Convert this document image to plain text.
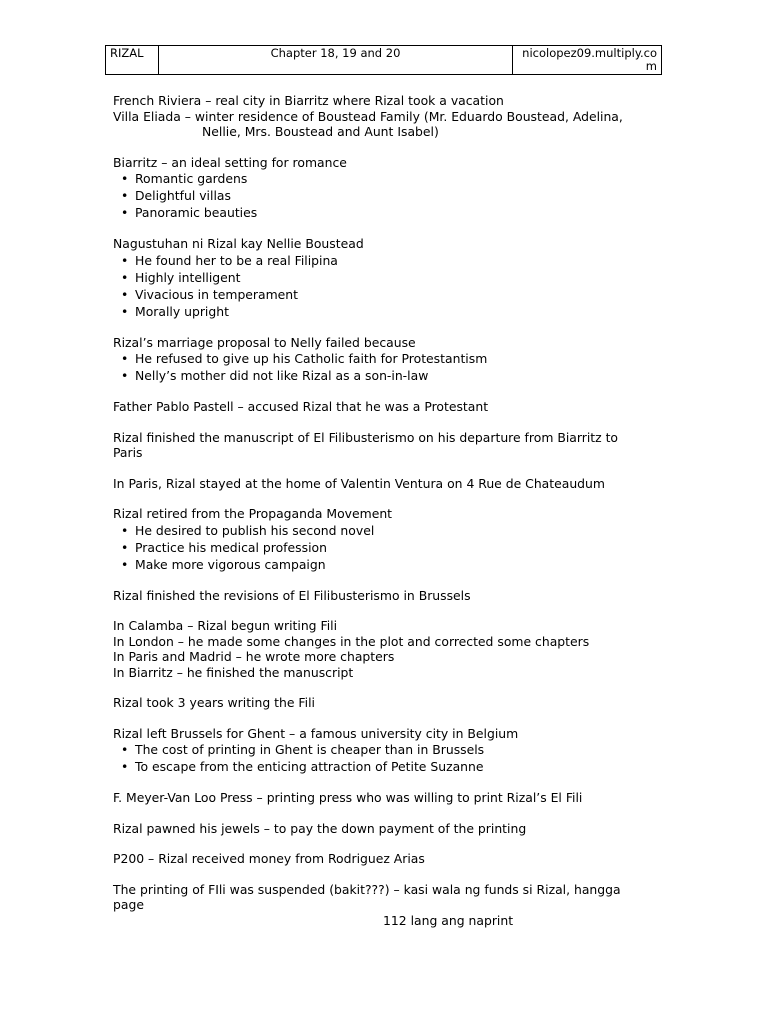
RIZAL	Chapter 18, 19 and 20	nicolopez09.multiply.com

French Riviera – real city in Biarritz where Rizal took a vacation

Villa Eliada – winter residence of Boustead Family (Mr. Eduardo Boustead, Adelina,

Nellie, Mrs. Boustead and Aunt Isabel)

Biarritz – an ideal setting for romance

• Romantic gardens
• Delightful villas
• Panoramic beauties

Nagustuhan ni Rizal kay Nellie Boustead

• He found her to be a real Filipina
• Highly intelligent
• Vivacious in temperament
• Morally upright

Rizal’s marriage proposal to Nelly failed because

• He refused to give up his Catholic faith for Protestantism
• Nelly’s mother did not like Rizal as a son-in-law

Father Pablo Pastell – accused Rizal that he was a Protestant

Rizal finished the manuscript of El Filibusterismo on his departure from Biarritz to Paris

In Paris, Rizal stayed at the home of Valentin Ventura on 4 Rue de Chateaudum

Rizal retired from the Propaganda Movement

• He desired to publish his second novel
• Practice his medical profession
• Make more vigorous campaign

Rizal finished the revisions of El Filibusterismo in Brussels

In Calamba – Rizal begun writing Fili

In London – he made some changes in the plot and corrected some chapters

In Paris and Madrid – he wrote more chapters

In Biarritz – he finished the manuscript

Rizal took 3 years writing the Fili

Rizal left Brussels for Ghent – a famous university city in Belgium

• The cost of printing in Ghent is cheaper than in Brussels
• To escape from the enticing attraction of Petite Suzanne

F. Meyer-Van Loo Press – printing press who was willing to print Rizal’s El Fili

Rizal pawned his jewels – to pay the down payment of the printing

P200 – Rizal received money from Rodriguez Arias

The printing of FIli was suspended (bakit???) – kasi wala ng funds si Rizal, hangga page

112 lang ang naprint
